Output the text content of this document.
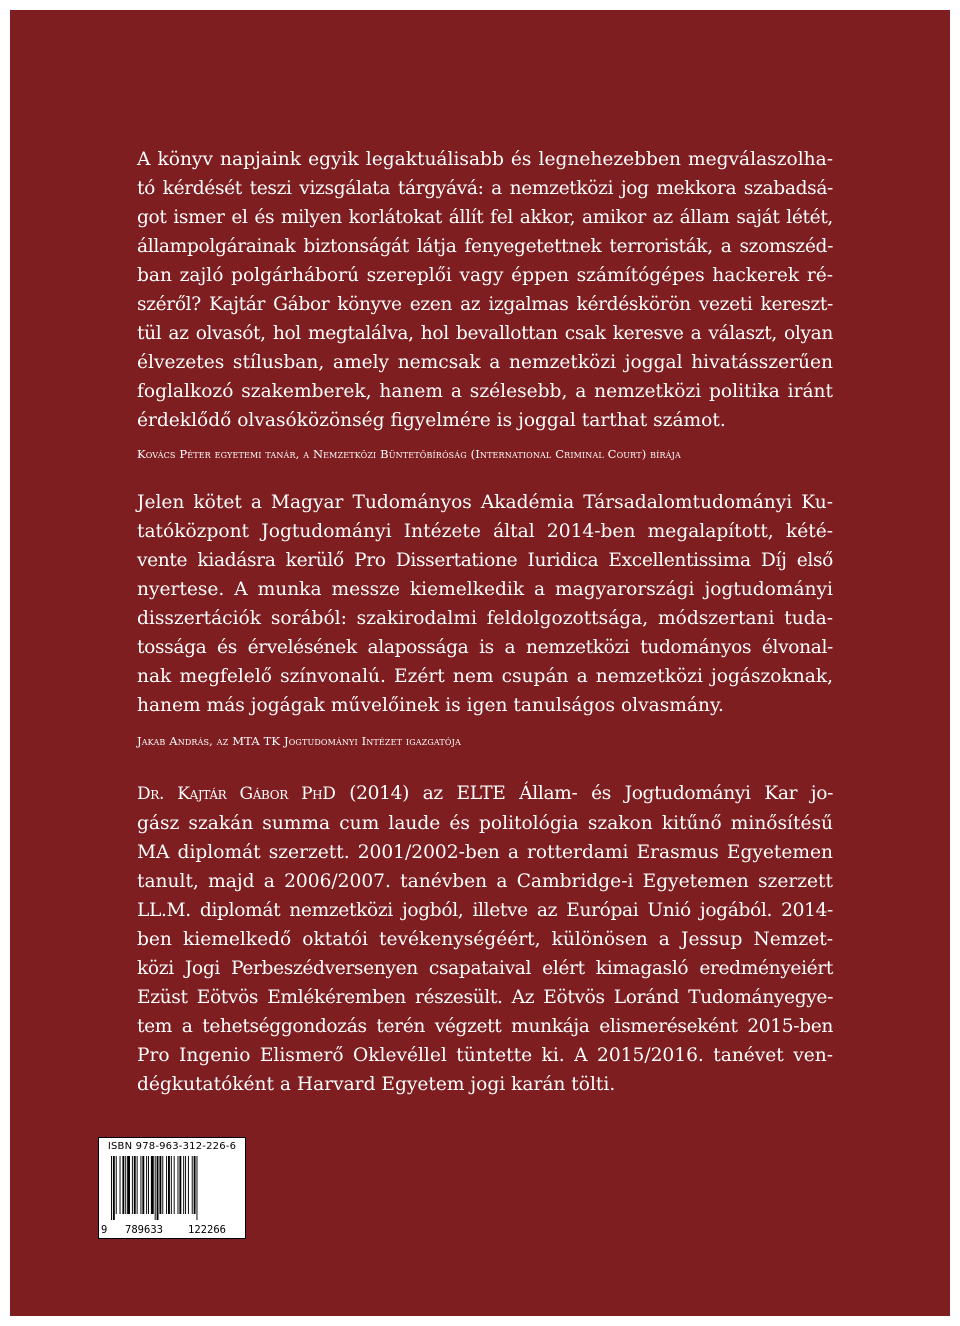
A könyv napjaink egyik legaktuálisabb és legnehezebben megválaszolha-

tó kérdését teszi vizsgálata tárgyává: a nemzetközi jog mekkora szabadsá-

got ismer el és milyen korlátokat állít fel akkor, amikor az állam saját létét,

állampolgárainak biztonságát látja fenyegetettnek terroristák, a szomszéd-

ban zajló polgárháború szereplői vagy éppen számítógépes hackerek ré-

széről? Kajtár Gábor könyve ezen az izgalmas kérdéskörön vezeti kereszt-

tül az olvasót, hol megtalálva, hol bevallottan csak keresve a választ, olyan

élvezetes stílusban, amely nemcsak a nemzetközi joggal hivatásszerűen

foglalkozó szakemberek, hanem a szélesebb, a nemzetközi politika iránt

érdeklődő olvasóközönség figyelmére is joggal tarthat számot.

Kovács Péter egyetemi tanár, a Nemzetközi Büntetőbíróság (International Criminal Court) bírája

Jelen kötet a Magyar Tudományos Akadémia Társadalomtudományi Ku-

tatóközpont Jogtudományi Intézete által 2014-ben megalapított, kété-

vente kiadásra kerülő Pro Dissertatione Iuridica Excellentissima Díj első

nyertese. A munka messze kiemelkedik a magyarországi jogtudományi

disszertációk sorából: szakirodalmi feldolgozottsága, módszertani tuda-

tossága és érvelésének alapossága is a nemzetközi tudományos élvonal-

nak megfelelő színvonalú. Ezért nem csupán a nemzetközi jogászoknak,

hanem más jogágak művelőinek is igen tanulságos olvasmány.

Jakab András, az MTA TK Jogtudományi Intézet igazgatója

Dr. Kajtár Gábor PhD (2014) az ELTE Állam- és Jogtudományi Kar jo-

gász szakán summa cum laude és politológia szakon kitűnő minősítésű

MA diplomát szerzett. 2001/2002-ben a rotterdami Erasmus Egyetemen

tanult, majd a 2006/2007. tanévben a Cambridge-i Egyetemen szerzett

LL.M. diplomát nemzetközi jogból, illetve az Európai Unió jogából. 2014-

ben kiemelkedő oktatói tevékenységéért, különösen a Jessup Nemzet-

közi Jogi Perbeszédversenyen csapataival elért kimagasló eredményeiért

Ezüst Eötvös Emlékéremben részesült. Az Eötvös Loránd Tudományegye-

tem a tehetséggondozás terén végzett munkája elismeréseként 2015-ben

Pro Ingenio Elismerő Oklevéllel tüntette ki. A 2015/2016. tanévet ven-

dégkutatóként a Harvard Egyetem jogi karán tölti.

ISBN 978-963-312-226-6
9	789633	122266
